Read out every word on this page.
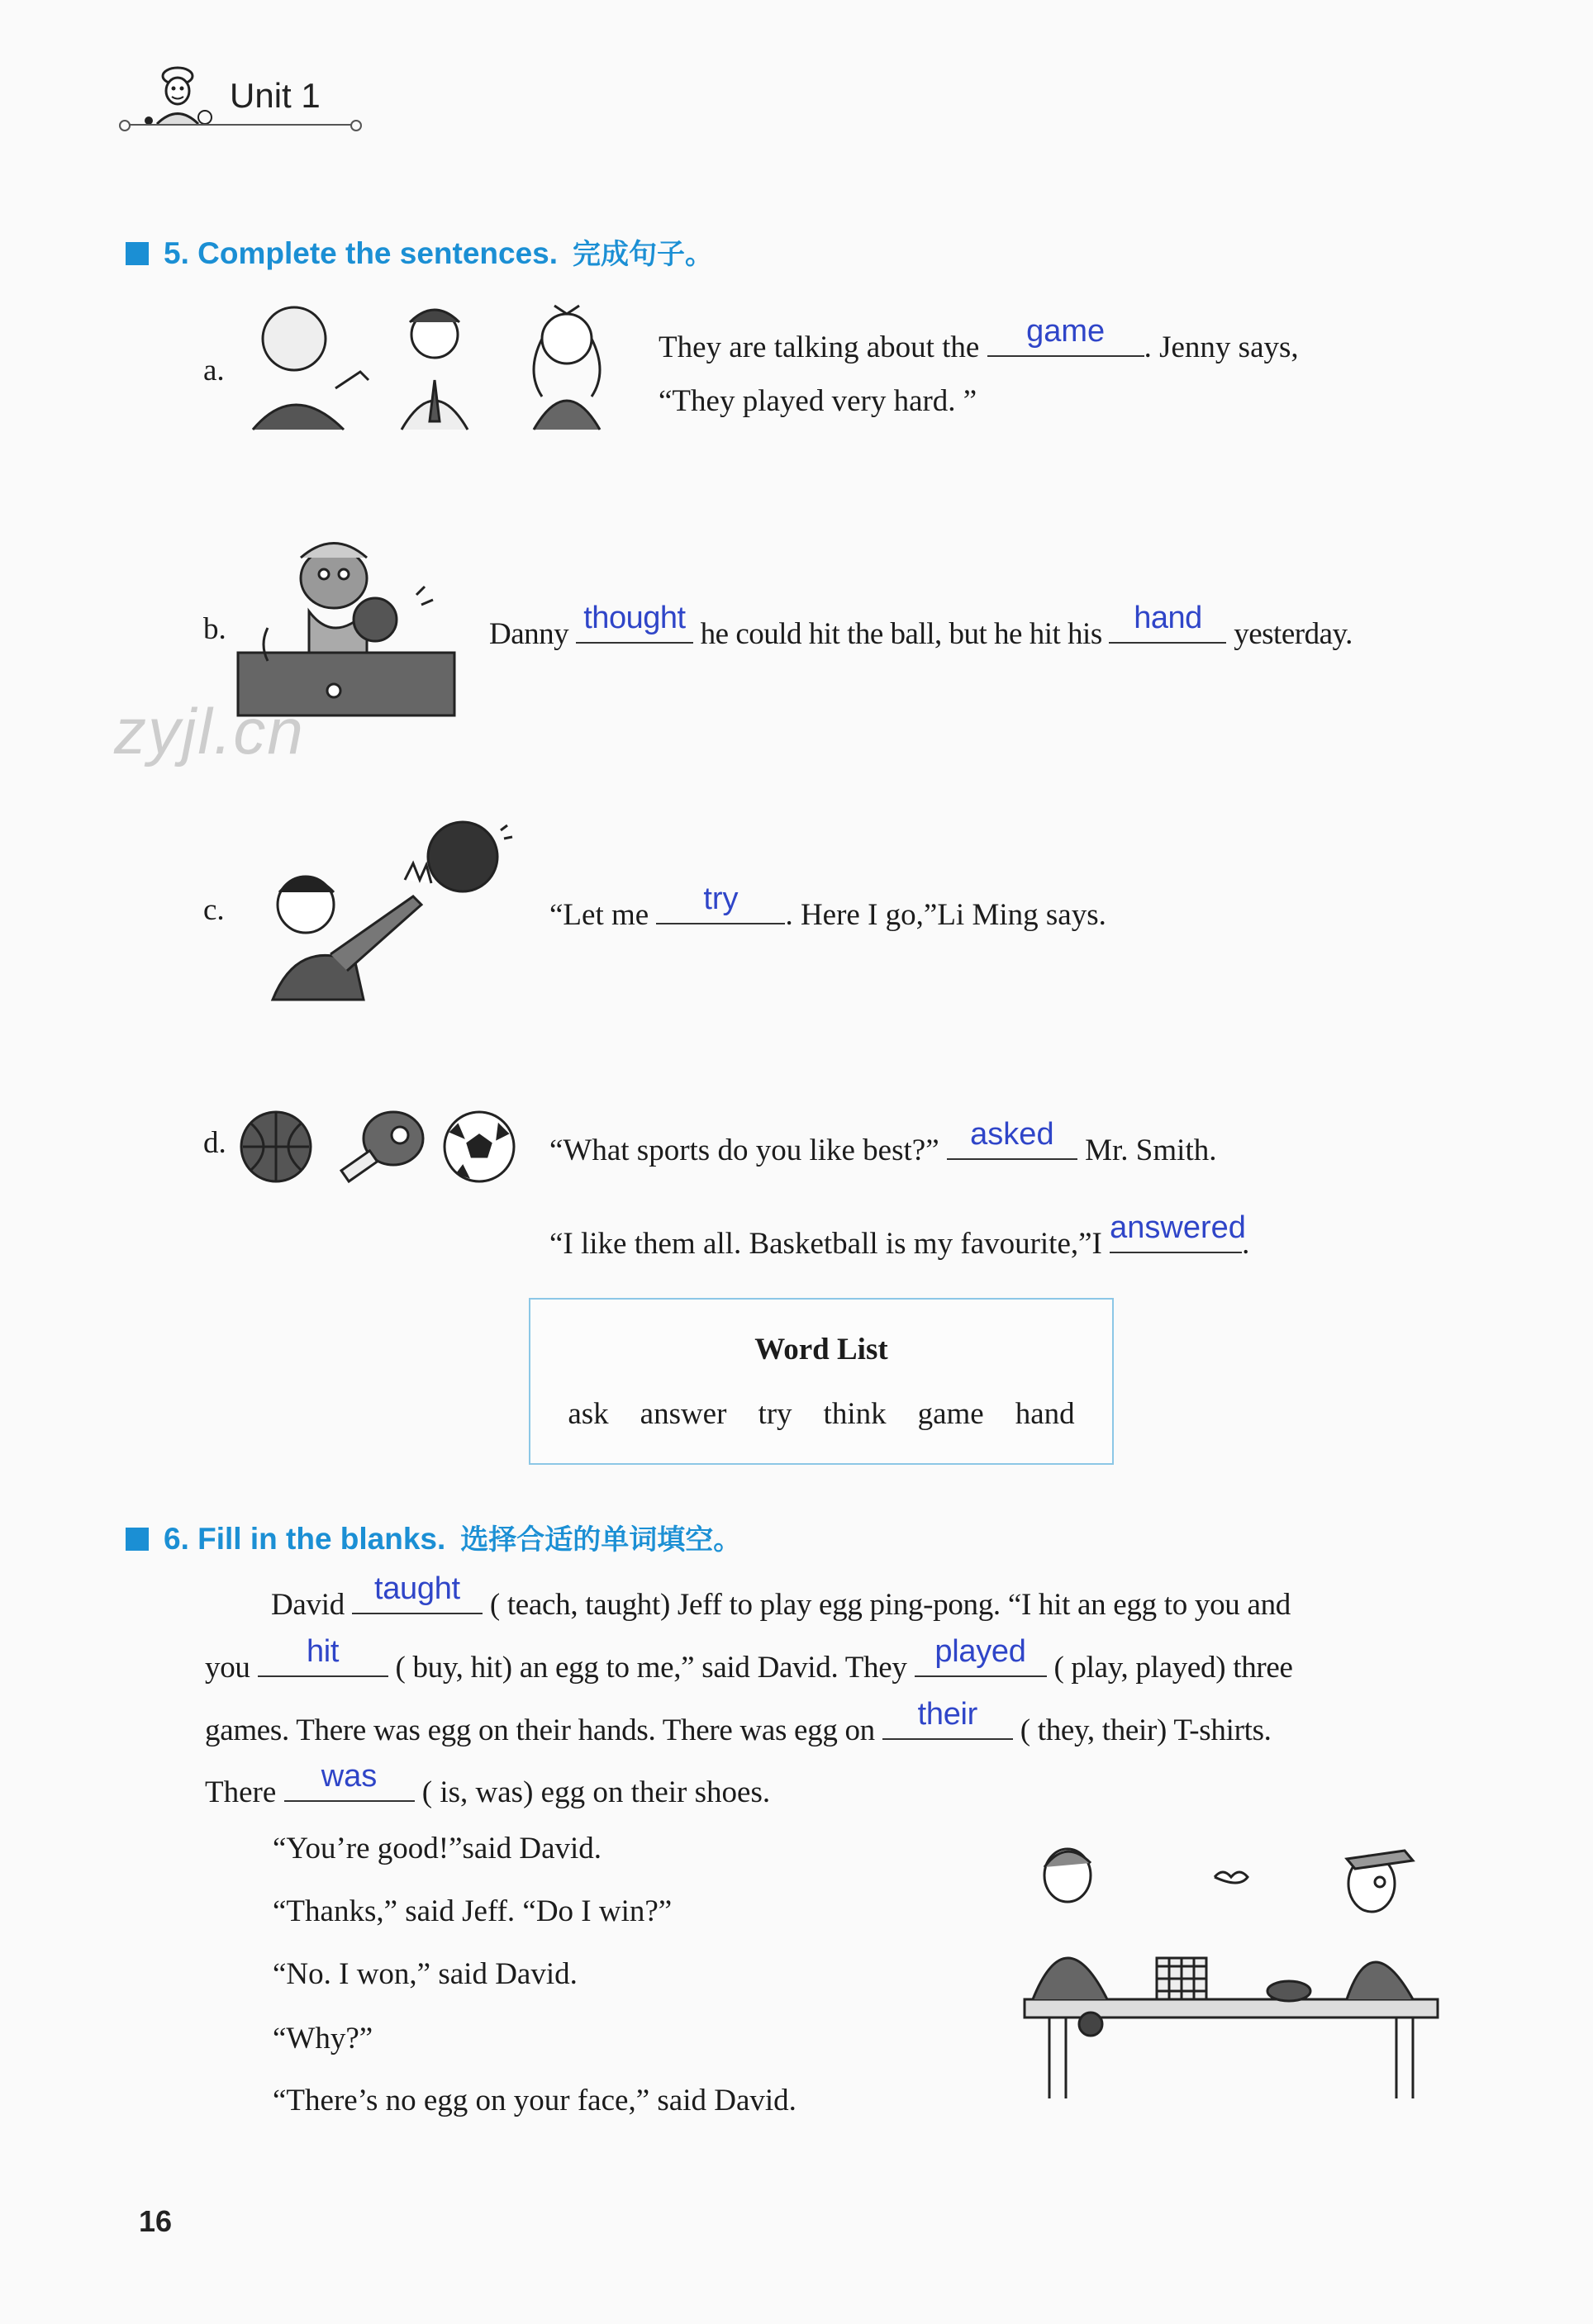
Unit 1
5. Complete the sentences. 完成句子。
a.
They are talking about the	game	. Jenny says,
“They played very hard. ”
b.	Danny thought he could hit the ball, but he hit his	hand	yesterday.
zyjl.cn
c.	“Let me	try	. Here I go,”Li Ming says.
d.	“What sports do you like best?” asked	Mr. Smith.
“I like them all. Basketball is my favourite,”I answered
.
Word List
ask answer try think game hand
6. Fill in the blanks. 选择合适的单词填空。
David taught ( teach, taught) Jeff to play egg ping-pong. “I hit an egg to you and
you	hit	( buy, hit) an egg to me,” said David. They played ( play, played) three
games. There was egg on their hands. There was egg on	their	( they, their) T-shirts.
There	was	( is, was) egg on their shoes.
“You’re good!”said David.
“Thanks,” said Jeff. “Do I win?”
“No. I won,” said David.
“Why?”
“There’s no egg on your face,” said David.
16
